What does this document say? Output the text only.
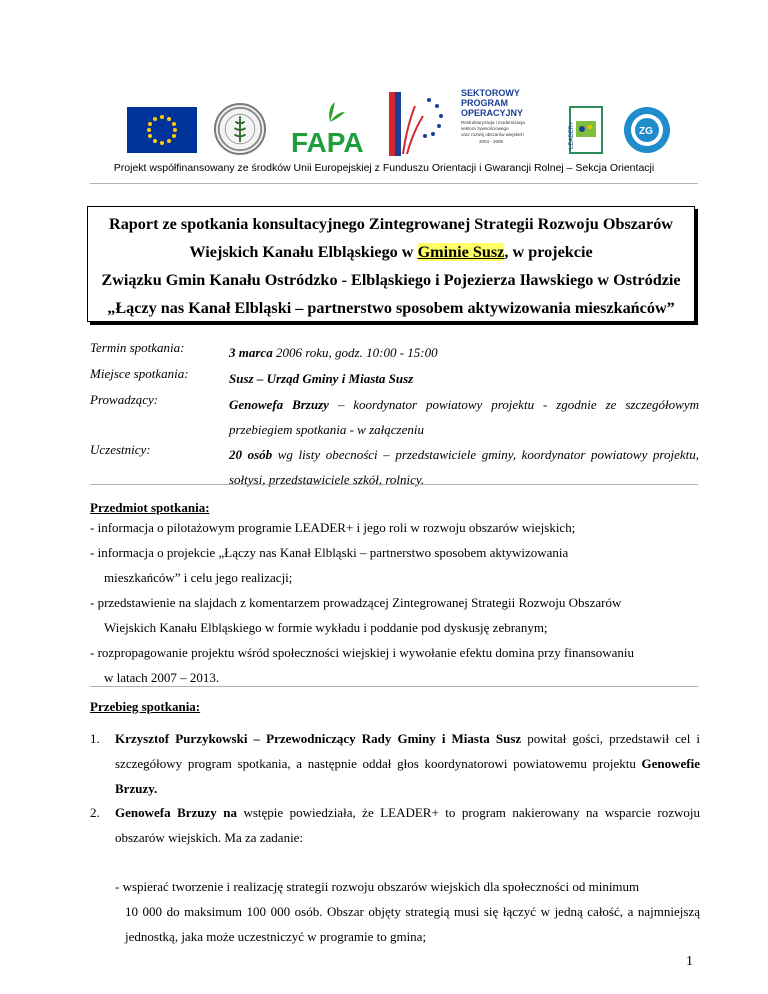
FAPA
SEKTOROWY
PROGRAM
OPERACYJNY
Restrukturyzacja i modernizacja
sektora żywnościowego
oraz rozwój obszarów wiejskich
2004 - 2006	LEADER+	ZG
Projekt współfinansowany ze środków Unii Europejskiej z Funduszu Orientacji i Gwarancji Rolnej – Sekcja Orientacji
Raport ze spotkania konsultacyjnego Zintegrowanej Strategii Rozwoju Obszarów
Wiejskich Kanału Elbląskiego w Gminie Susz, w projekcie
Związku Gmin Kanału Ostródzko - Elbląskiego i Pojezierza Iławskiego w Ostródzie
„Łączy nas Kanał Elbląski – partnerstwo sposobem aktywizowania mieszkańców”
Termin spotkania:	3 marca 2006 roku, godz. 10:00 - 15:00
Miejsce spotkania:	Susz – Urząd Gminy i Miasta Susz
Prowadzący:	Genowefa Brzuzy – koordynator powiatowy projektu - zgodnie ze szczegółowym przebiegiem spotkania - w załączeniu
Uczestnicy:	20 osób wg listy obecności – przedstawiciele gminy, koordynator powiatowy projektu, sołtysi, przedstawiciele szkół, rolnicy.
Przedmiot spotkania:
- informacja o pilotażowym programie LEADER+ i jego roli w rozwoju obszarów wiejskich;
- informacja o projekcie „Łączy nas Kanał Elbląski – partnerstwo sposobem aktywizowania
mieszkańców” i celu jego realizacji;
- przedstawienie na slajdach z komentarzem prowadzącej Zintegrowanej Strategii Rozwoju Obszarów
Wiejskich Kanału Elbląskiego w formie wykładu i poddanie pod dyskusję zebranym;
- rozpropagowanie projektu wśród społeczności wiejskiej i wywołanie efektu domina przy finansowaniu
w latach 2007 – 2013.
Przebieg spotkania:
1. Krzysztof Purzykowski – Przewodniczący Rady Gminy i Miasta Susz powitał gości, przedstawił cel i szczegółowy program spotkania, a następnie oddał głos koordynatorowi powiatowemu projektu Genowefie Brzuzy.
2. Genowefa Brzuzy na wstępie powiedziała, że LEADER+ to program nakierowany na wsparcie rozwoju obszarów wiejskich. Ma za zadanie:
- wspierać tworzenie i realizację strategii rozwoju obszarów wiejskich dla społeczności od minimum
10 000 do maksimum 100 000 osób. Obszar objęty strategią musi się łączyć w jedną całość, a najmniejszą jednostką, jaka może uczestniczyć w programie to gmina;
1
